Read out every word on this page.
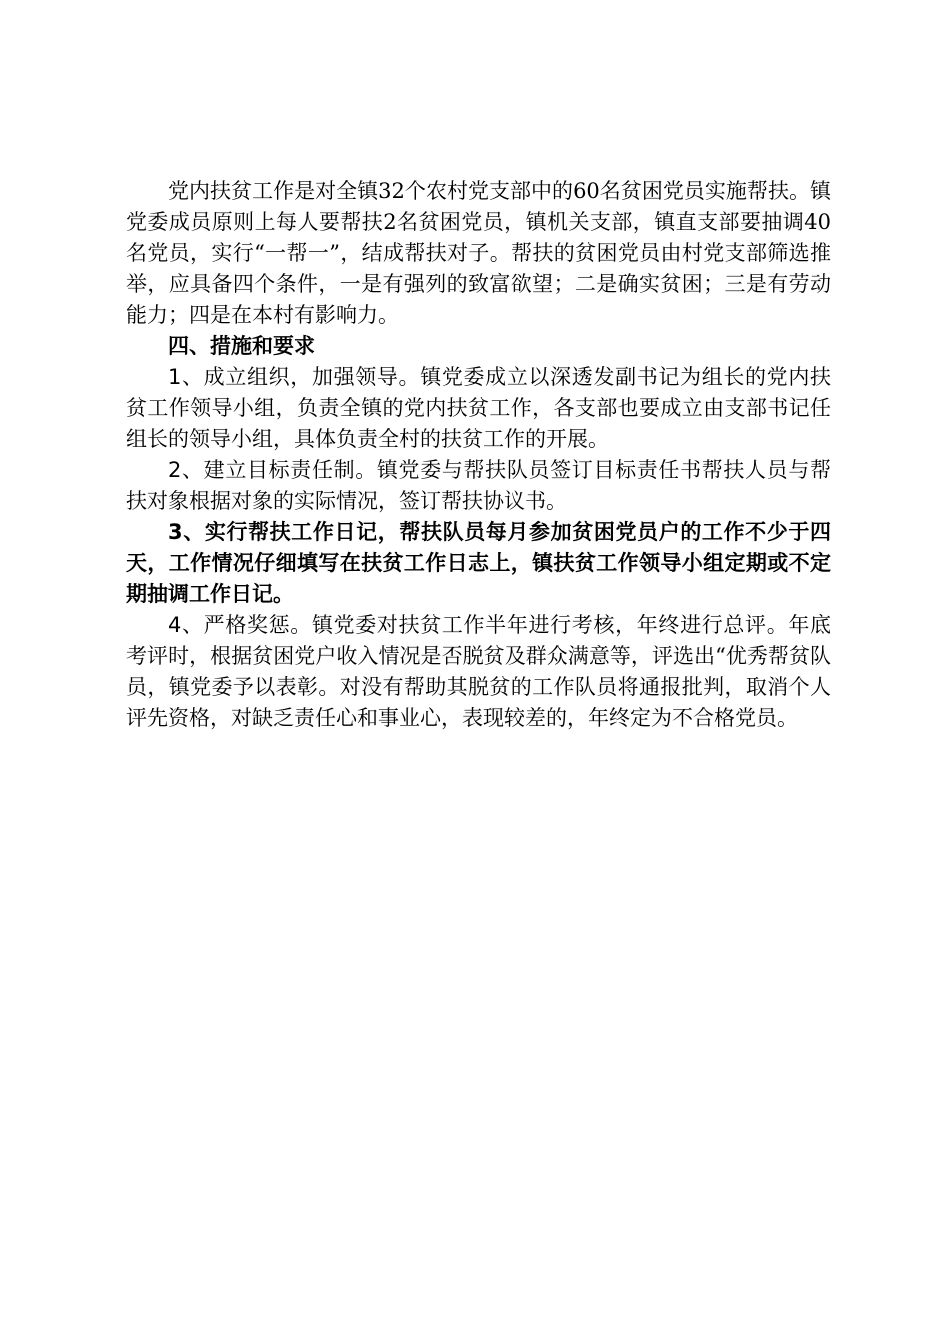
党内扶贫工作是对全镇32个农村党支部中的60名贫困党员实施帮扶。镇党委成员原则上每人要帮扶2名贫困党员，镇机关支部，镇直支部要抽调40名党员，实行“一帮一”，结成帮扶对子。帮扶的贫困党员由村党支部筛选推举，应具备四个条件，一是有强列的致富欲望；二是确实贫困；三是有劳动能力；四是在本村有影响力。

四、措施和要求

1、成立组织，加强领导。镇党委成立以深透发副书记为组长的党内扶贫工作领导小组，负责全镇的党内扶贫工作，各支部也要成立由支部书记任组长的领导小组，具体负责全村的扶贫工作的开展。

2、建立目标责任制。镇党委与帮扶队员签订目标责任书帮扶人员与帮扶对象根据对象的实际情况，签订帮扶协议书。

3、实行帮扶工作日记，帮扶队员每月参加贫困党员户的工作不少于四天，工作情况仔细填写在扶贫工作日志上，镇扶贫工作领导小组定期或不定期抽调工作日记。

4、严格奖惩。镇党委对扶贫工作半年进行考核，年终进行总评。年底考评时，根据贫困党户收入情况是否脱贫及群众满意等，评选出“优秀帮贫队员，镇党委予以表彰。对没有帮助其脱贫的工作队员将通报批判，取消个人评先资格，对缺乏责任心和事业心，表现较差的，年终定为不合格党员。
